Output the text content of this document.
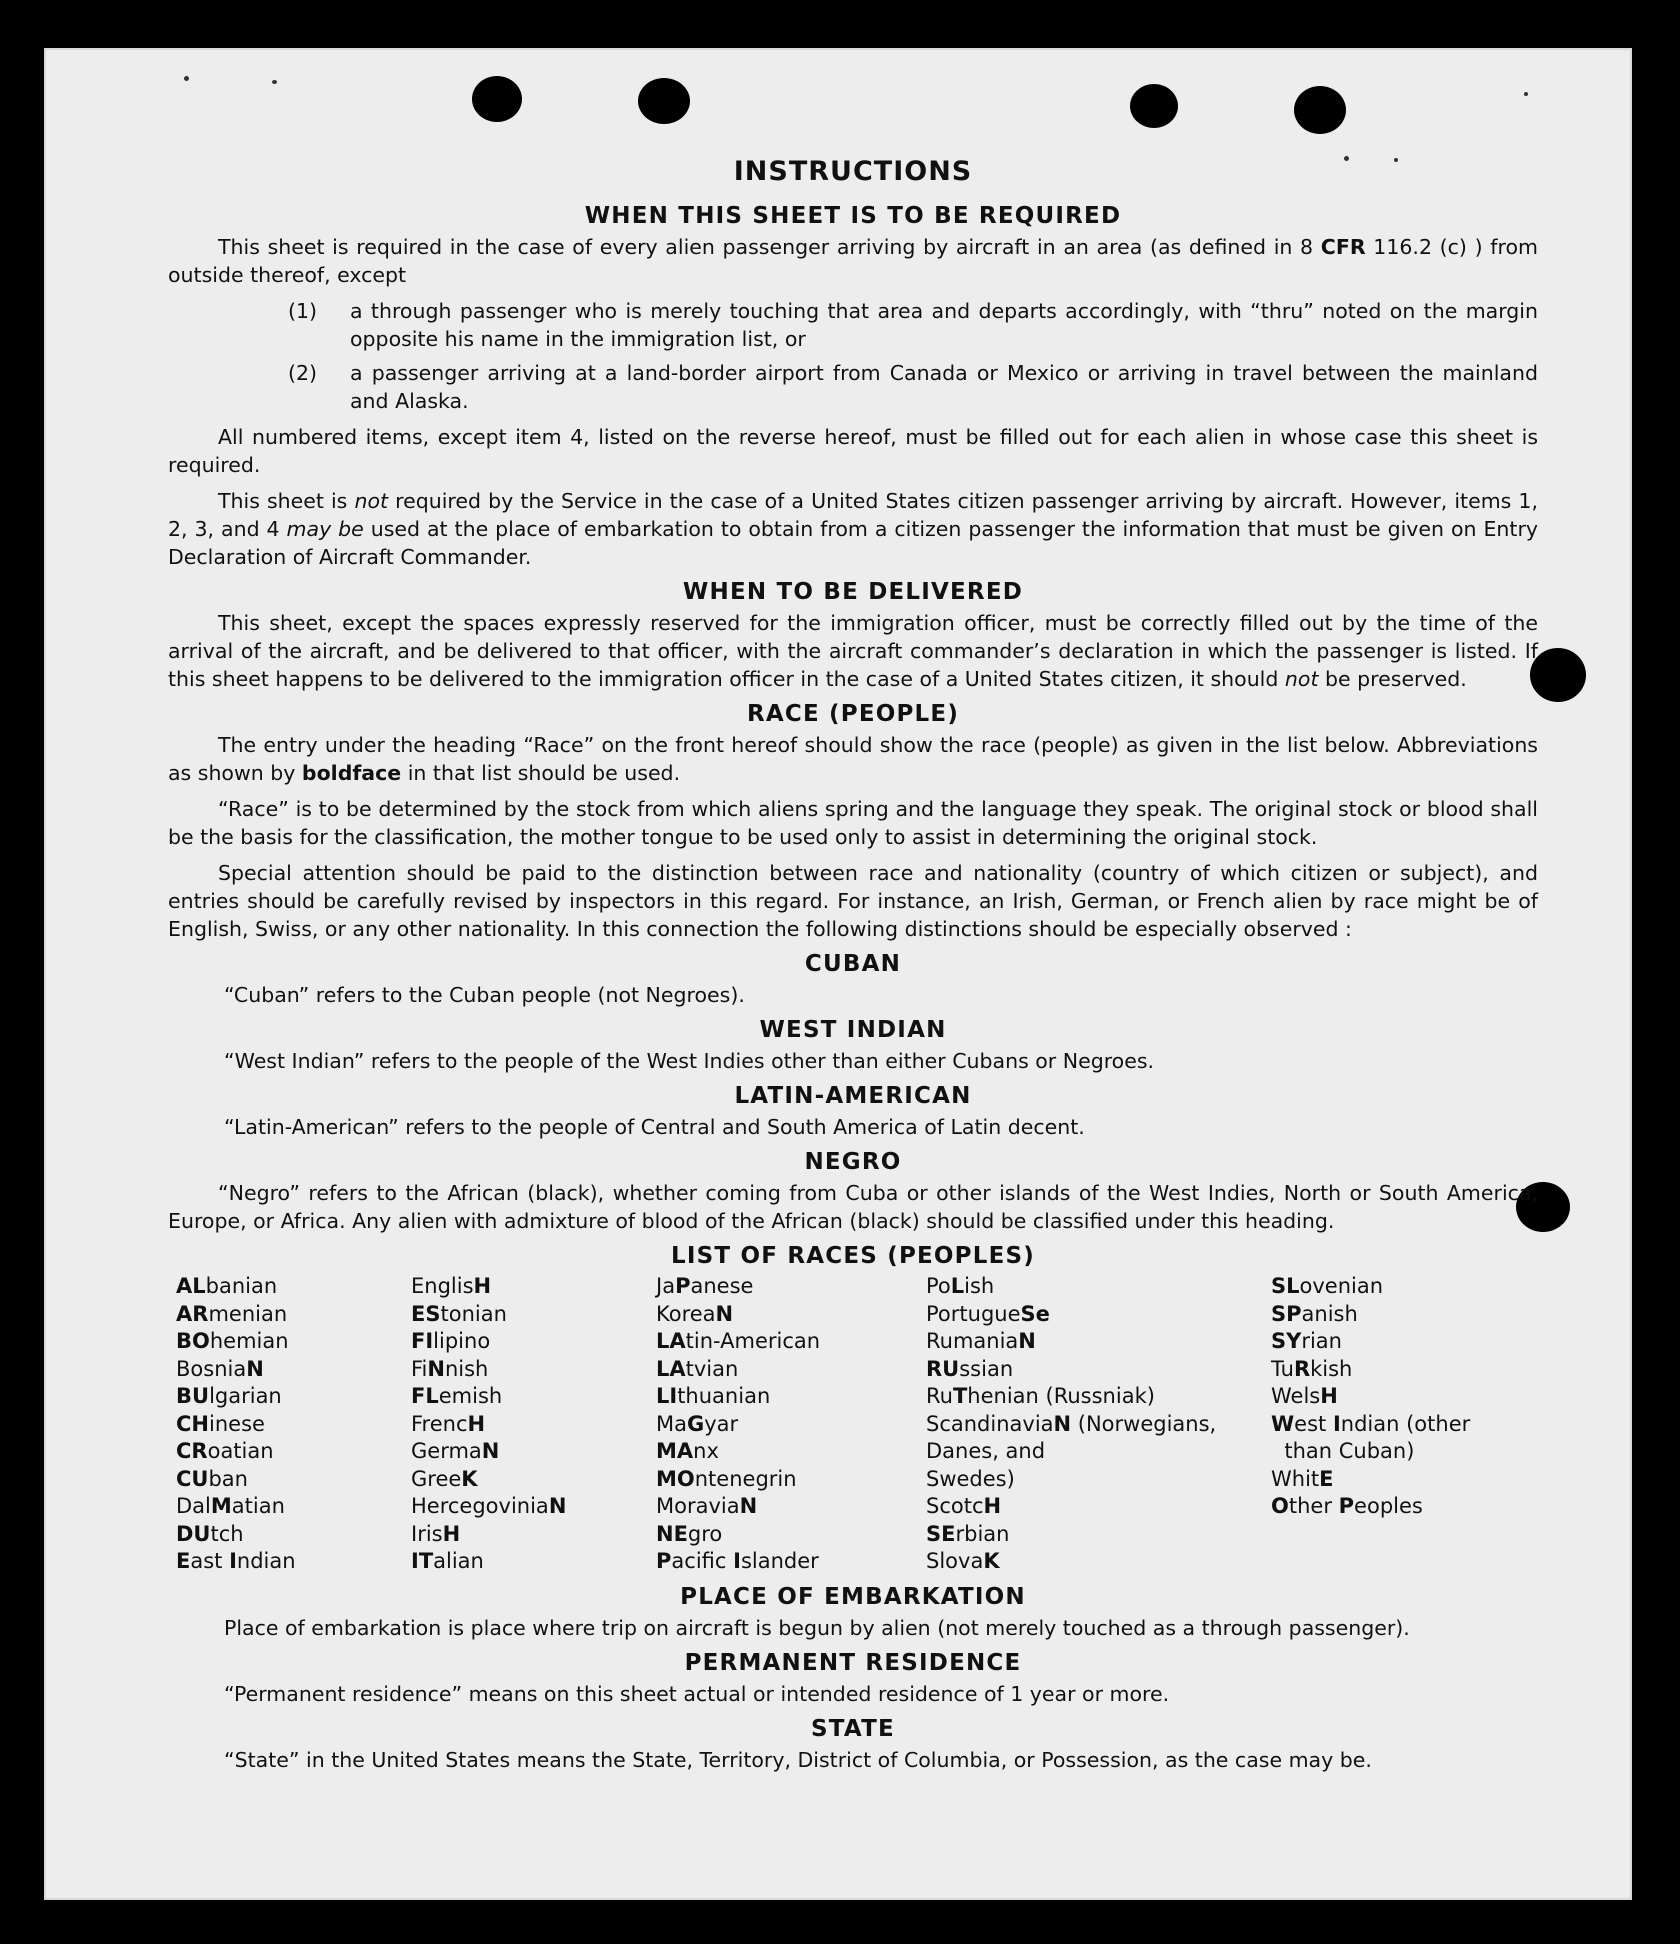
INSTRUCTIONS
WHEN THIS SHEET IS TO BE REQUIRED

This sheet is required in the case of every alien passenger arriving by aircraft in an area (as defined in 8 CFR 116.2 (c) ) from outside thereof, except

(1)	a through passenger who is merely touching that area and departs accordingly, with “thru” noted on the margin opposite his name in the immigration list, or
(2)	a passenger arriving at a land-border airport from Canada or Mexico or arriving in travel between the mainland and Alaska.

All numbered items, except item 4, listed on the reverse hereof, must be filled out for each alien in whose case this sheet is required.

This sheet is not required by the Service in the case of a United States citizen passenger arriving by aircraft. However, items 1, 2, 3, and 4 may be used at the place of embarkation to obtain from a citizen passenger the information that must be given on Entry Declaration of Aircraft Commander.

WHEN TO BE DELIVERED

This sheet, except the spaces expressly reserved for the immigration officer, must be correctly filled out by the time of the arrival of the aircraft, and be delivered to that officer, with the aircraft commander’s declaration in which the passenger is listed. If this sheet happens to be delivered to the immigration officer in the case of a United States citizen, it should not be preserved.

RACE (PEOPLE)

The entry under the heading “Race” on the front hereof should show the race (people) as given in the list below. Abbreviations as shown by boldface in that list should be used.

“Race” is to be determined by the stock from which aliens spring and the language they speak. The original stock or blood shall be the basis for the classification, the mother tongue to be used only to assist in determining the original stock.

Special attention should be paid to the distinction between race and nationality (country of which citizen or subject), and entries should be carefully revised by inspectors in this regard. For instance, an Irish, German, or French alien by race might be of English, Swiss, or any other nationality. In this connection the following distinctions should be especially observed :

CUBAN

“Cuban” refers to the Cuban people (not Negroes).

WEST INDIAN

“West Indian” refers to the people of the West Indies other than either Cubans or Negroes.

LATIN-AMERICAN

“Latin-American” refers to the people of Central and South America of Latin decent.

NEGRO

“Negro” refers to the African (black), whether coming from Cuba or other islands of the West Indies, North or South America, Europe, or Africa. Any alien with admixture of blood of the African (black) should be classified under this heading.

LIST OF RACES (PEOPLES)
ALbanian
ARmenian
BOhemian
BosniaN
BUlgarian
CHinese
CRoatian
CUban
DalMatian
DUtch
East Indian
EnglisH
EStonian
FIlipino
FiNnish
FLemish
FrencH
GermaN
GreeK
HercegoviniaN
IrisH
ITalian
JaPanese
KoreaN
LAtin-American
LAtvian
LIthuanian
MaGyar
MAnx
MOntenegrin
MoraviaN
NEgro
Pacific Islander
PoLish
PortugueSe
RumaniaN
RUssian
RuThenian (Russniak)
ScandinaviaN (Norwegians,
Danes, and
Swedes)
ScotcH
SErbian
SlovaK
SLovenian
SPanish
SYrian
TuRkish
WelsH
West Indian (other
than Cuban)
WhitE
Other Peoples
PLACE OF EMBARKATION

Place of embarkation is place where trip on aircraft is begun by alien (not merely touched as a through passenger).

PERMANENT RESIDENCE

“Permanent residence” means on this sheet actual or intended residence of 1 year or more.

STATE

“State” in the United States means the State, Territory, District of Columbia, or Possession, as the case may be.
